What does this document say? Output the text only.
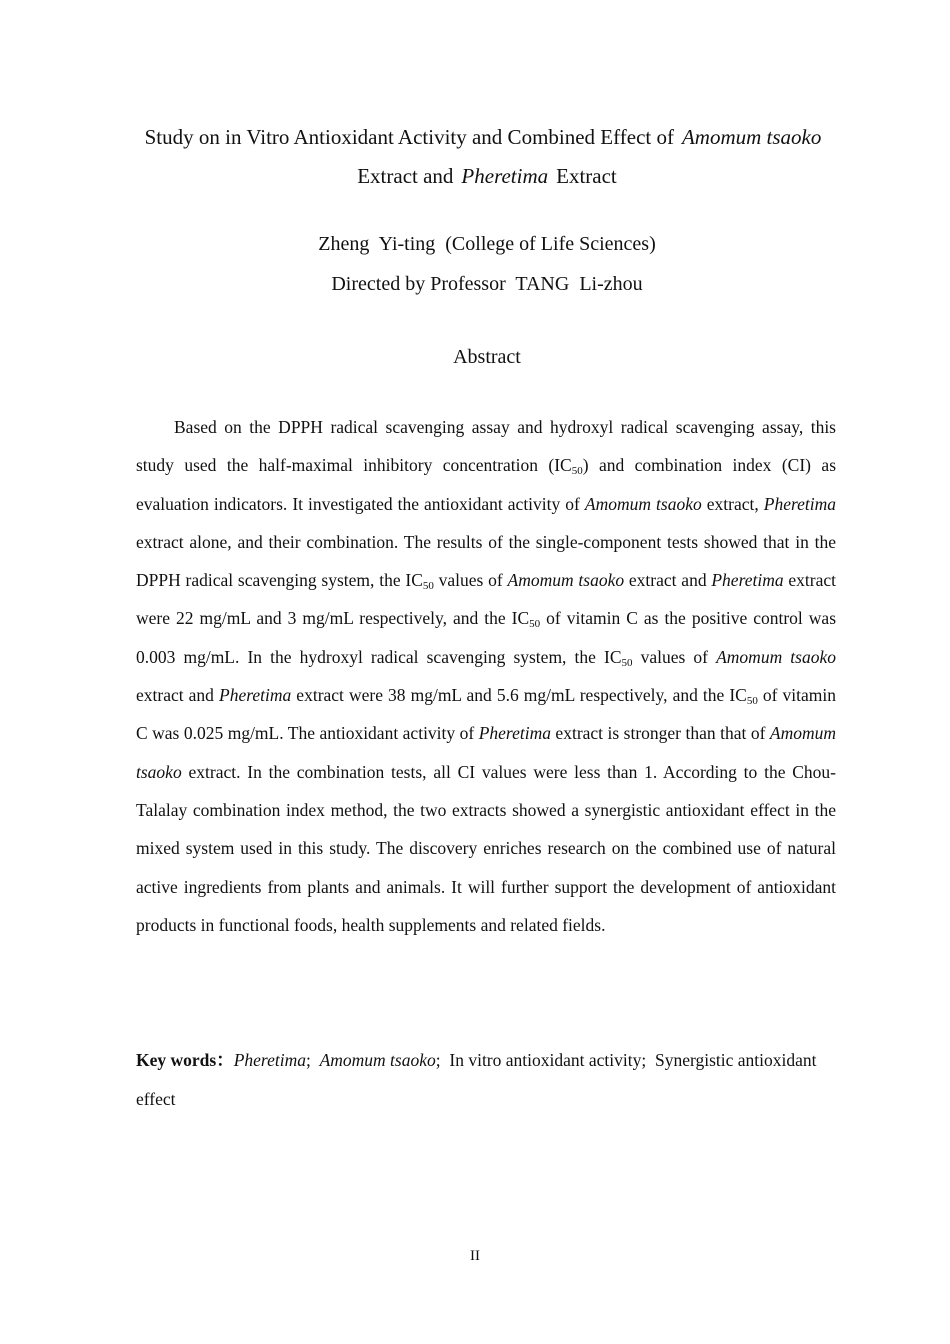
Study on in Vitro Antioxidant Activity and Combined Effect of Amomum tsaokoExtract and Pheretima Extract
Zheng  Yi-ting  (College of Life Sciences)
Directed by Professor  TANG  Li-zhou
Abstract

Based on the DPPH radical scavenging assay and hydroxyl radical scavenging assay, this study used the half-maximal inhibitory concentration $(IC_{50})$ and combination index (CI) as evaluation indicators. It investigated the antioxidant activity of Amomum tsaoko extract, Pheretima extract alone, and their combination. The results of the single-component tests showed that in the DPPH radical scavenging system, the $IC_{50}$ values of Amomum tsaoko extract and Pheretima extract were 22 mg/mL and 3 mg/mL respectively, and the $IC_{50}$ of vitamin C as the positive control was 0.003 mg/mL. In the hydroxyl radical scavenging system, the $IC_{50}$ values of Amomum tsaoko extract and Pheretima extract were 38 mg/mL and 5.6 mg/mL respectively, and the $IC_{50}$ of vitamin C was 0.025 mg/mL. The antioxidant activity of Pheretima extract is stronger than that of Amomum tsaoko extract. In the combination tests, all CI values were less than 1. According to the Chou-Talalay combination index method, the two extracts showed a synergistic antioxidant effect in the mixed system used in this study. The discovery enriches research on the combined use of natural active ingredients from plants and animals. It will further support the development of antioxidant products in functional foods, health supplements and related fields.

Key words：Pheretima; Amomum tsaoko; In vitro antioxidant activity; Synergistic antioxidant effect

II
